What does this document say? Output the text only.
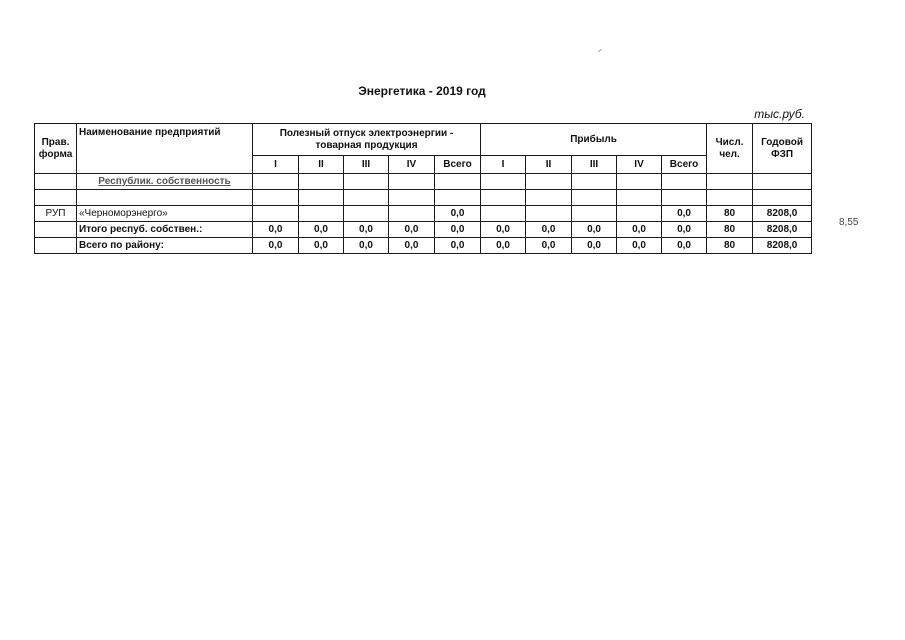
Энергетика - 2019 год
тыс.руб.
Прав. форма	Наименование предприятий	Полезный отпуск электроэнергии - товарная продукция					Прибыль					Числ. чел.	Годовой ФЗП
		I	II	III	IV	Всего	I	II	III	IV	Всего		
	Республик. собственность												

РУП	«Черноморэнерго»					0,0					0,0	80	8208,0
	Итого респуб. собствен.:	0,0	0,0	0,0	0,0	0,0	0,0	0,0	0,0	0,0	0,0	80	8208,0
	Всего по району:	0,0	0,0	0,0	0,0	0,0	0,0	0,0	0,0	0,0	0,0	80	8208,0
8,55
